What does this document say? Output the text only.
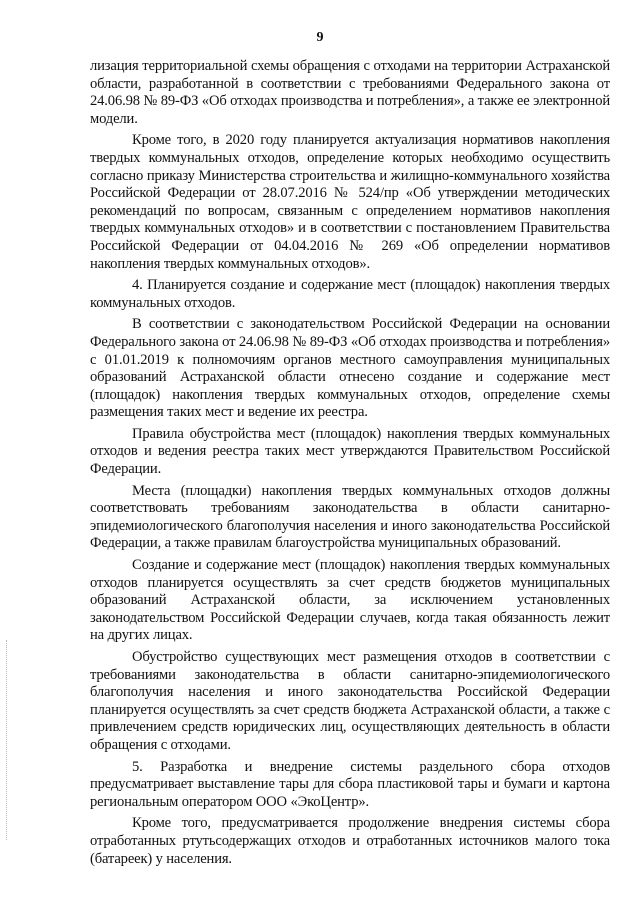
9

лизация территориальной схемы обращения с отходами на территории Астраханской области, разработанной в соответствии с требованиями Федерального закона от 24.06.98 № 89-ФЗ «Об отходах производства и потребления», а также ее электронной модели.

Кроме того, в 2020 году планируется актуализация нормативов накопления твердых коммунальных отходов, определение которых необходимо осуществить согласно приказу Министерства строительства и жилищно-коммунального хозяйства Российской Федерации от 28.07.2016 № 524/пр «Об утверждении методических рекомендаций по вопросам, связанным с определением нормативов накопления твердых коммунальных отходов» и в соответствии с постановлением Правительства Российской Федерации от 04.04.2016 № 269 «Об определении нормативов накопления твердых коммунальных отходов».

4. Планируется создание и содержание мест (площадок) накопления твердых коммунальных отходов.

В соответствии с законодательством Российской Федерации на основании Федерального закона от 24.06.98 № 89-ФЗ «Об отходах производства и потребления» с 01.01.2019 к полномочиям органов местного самоуправления муниципальных образований Астраханской области отнесено создание и содержание мест (площадок) накопления твердых коммунальных отходов, определение схемы размещения таких мест и ведение их реестра.

Правила обустройства мест (площадок) накопления твердых коммунальных отходов и ведения реестра таких мест утверждаются Правительством Российской Федерации.

Места (площадки) накопления твердых коммунальных отходов должны соответствовать требованиям законодательства в области санитарно-эпидемиологического благополучия населения и иного законодательства Российской Федерации, а также правилам благоустройства муниципальных образований.

Создание и содержание мест (площадок) накопления твердых коммунальных отходов планируется осуществлять за счет средств бюджетов муниципальных образований Астраханской области, за исключением установленных законодательством Российской Федерации случаев, когда такая обязанность лежит на других лицах.

Обустройство существующих мест размещения отходов в соответствии с требованиями законодательства в области санитарно-эпидемиологического благополучия населения и иного законодательства Российской Федерации планируется осуществлять за счет средств бюджета Астраханской области, а также с привлечением средств юридических лиц, осуществляющих деятельность в области обращения с отходами.

5. Разработка и внедрение системы раздельного сбора отходов предусматривает выставление тары для сбора пластиковой тары и бумаги и картона региональным оператором ООО «ЭкоЦентр».

Кроме того, предусматривается продолжение внедрения системы сбора отработанных ртутьсодержащих отходов и отработанных источников малого тока (батареек) у населения.
